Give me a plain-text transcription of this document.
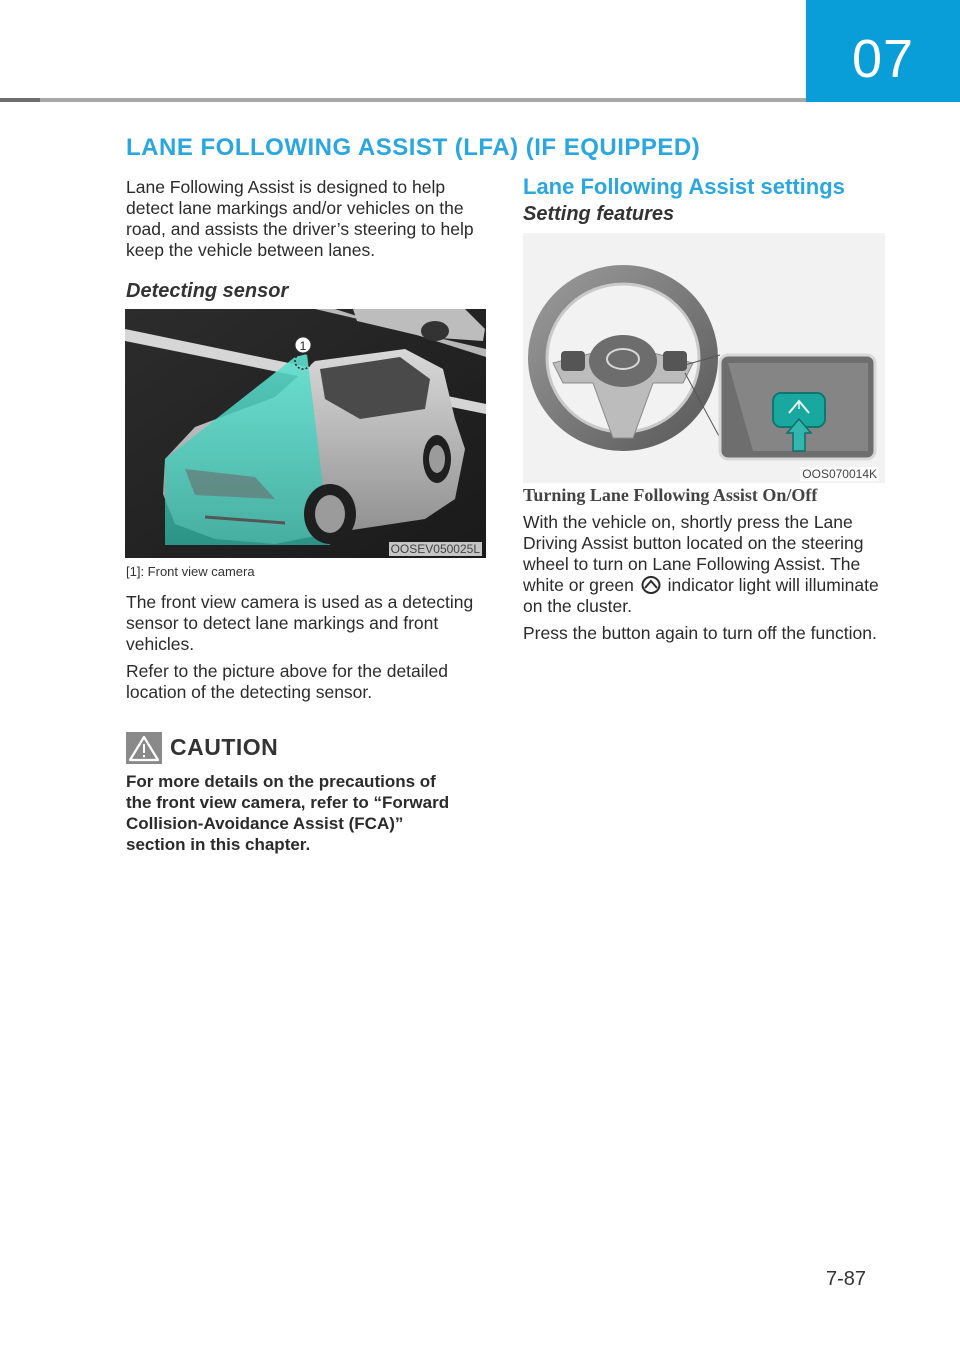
07
LANE FOLLOWING ASSIST (LFA) (IF EQUIPPED)
Lane Following Assist is designed to help detect lane markings and/or vehicles on the road, and assists the driver’s steering to help keep the vehicle between lanes.
Detecting sensor
1
OOSEV050025L
[1]: Front view camera
The front view camera is used as a detecting sensor to detect lane markings and front vehicles.
Refer to the picture above for the detailed location of the detecting sensor.
CAUTION
For more details on the precautions of the front view camera, refer to “Forward Collision-Avoidance Assist (FCA)” section in this chapter.
Lane Following Assist settings
Setting features
OOS070014K
Turning Lane Following Assist On/Off
With the vehicle on, shortly press the Lane Driving Assist button located on the steering wheel to turn on Lane Following Assist. The white or green indicator light will illuminate on the cluster.
Press the button again to turn off the function.
7-87
